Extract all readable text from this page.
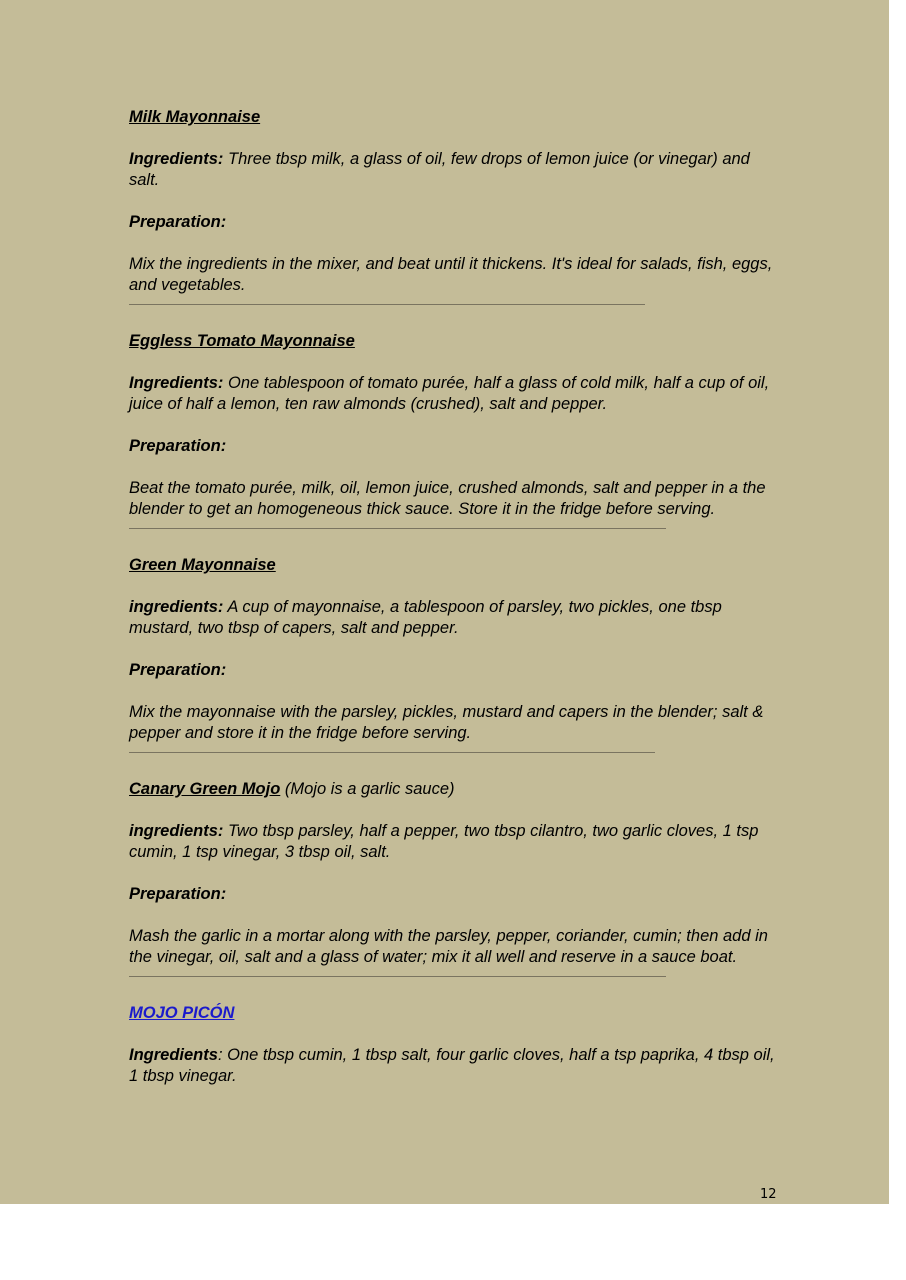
Milk Mayonnaise

Ingredients: Three tbsp milk, a glass of oil, few drops of lemon juice (or vinegar) and salt.

Preparation:

Mix the ingredients in the mixer, and beat until it thickens. It's ideal for salads, fish, eggs, and vegetables.

Eggless Tomato Mayonnaise

Ingredients: One tablespoon of tomato purée, half a glass of cold milk, half a cup of oil, juice of half a lemon, ten raw almonds (crushed), salt and pepper.

Preparation:

Beat the tomato purée, milk, oil, lemon juice, crushed almonds, salt and pepper in a the blender to get an homogeneous thick sauce. Store it in the fridge before serving.

Green Mayonnaise

ingredients: A cup of mayonnaise, a tablespoon of parsley, two pickles, one tbsp mustard, two tbsp of capers, salt and pepper.

Preparation:

Mix the mayonnaise with the parsley, pickles, mustard and capers in the blender; salt & pepper and store it in the fridge before serving.

Canary Green Mojo (Mojo is a garlic sauce)

ingredients: Two tbsp parsley, half a pepper, two tbsp cilantro, two garlic cloves, 1 tsp cumin, 1 tsp vinegar, 3 tbsp oil, salt.

Preparation:

Mash the garlic in a mortar along with the parsley, pepper, coriander, cumin; then add in the vinegar, oil, salt and a glass of water; mix it all well and reserve in a sauce boat.

MOJO PICÓN

Ingredients: One tbsp cumin, 1 tbsp salt, four garlic cloves, half a tsp paprika, 4 tbsp oil, 1 tbsp vinegar.

12
